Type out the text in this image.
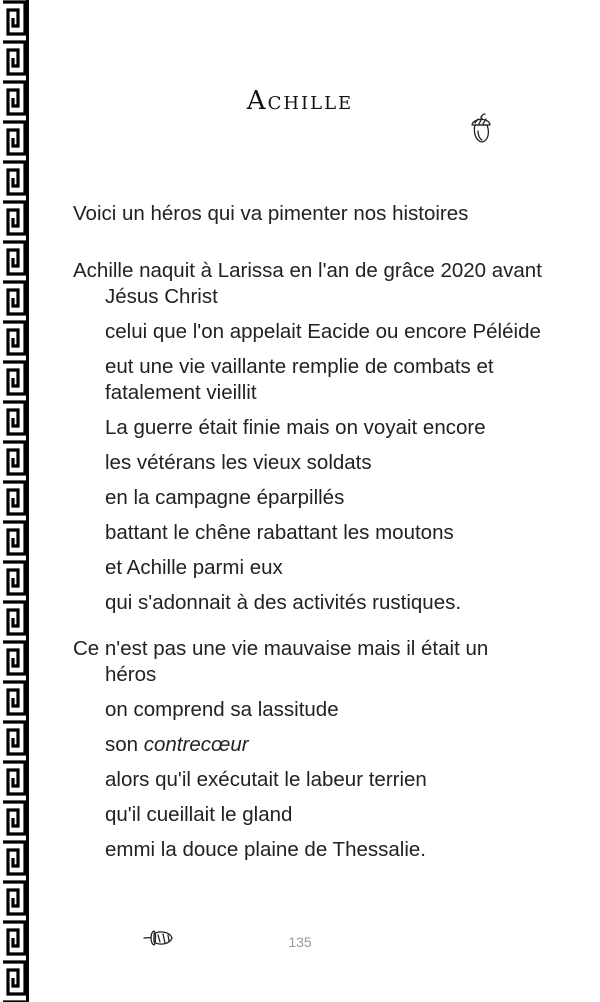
Achille
Voici un héros qui va pimenter nos histoires
Achille naquit à Larissa en l'an de grâce 2020 avant Jésus Christ
celui que l'on appelait Eacide ou encore Péléide
eut une vie vaillante remplie de combats et fatalement vieillit
La guerre était finie mais on voyait encore
les vétérans les vieux soldats
en la campagne éparpillés
battant le chêne rabattant les moutons
et Achille parmi eux
qui s'adonnait à des activités rustiques.
Ce n'est pas une vie mauvaise mais il était un héros
on comprend sa lassitude
son contrecœur
alors qu'il exécutait le labeur terrien
qu'il cueillait le gland
emmi la douce plaine de Thessalie.
135
